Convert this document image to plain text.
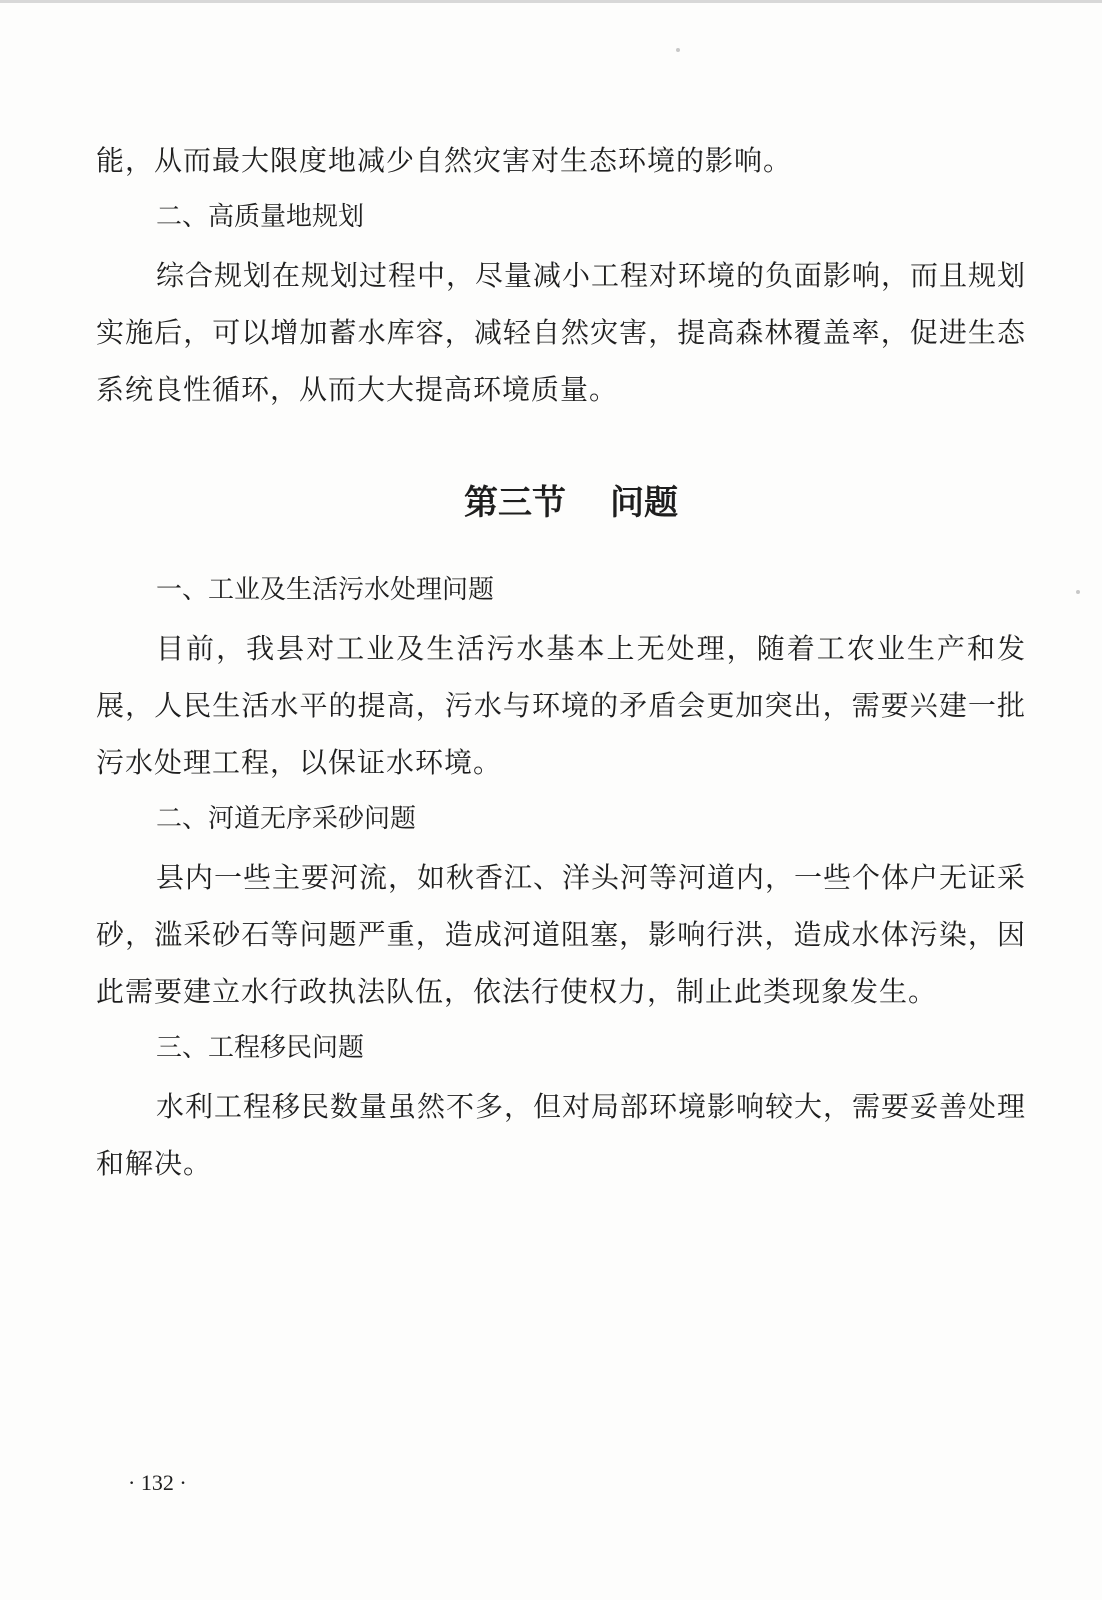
能，从而最大限度地减少自然灾害对生态环境的影响。

二、高质量地规划

综合规划在规划过程中，尽量减小工程对环境的负面影响，而且规划实施后，可以增加蓄水库容，减轻自然灾害，提高森林覆盖率，促进生态系统良性循环，从而大大提高环境质量。

第三节 问题

一、工业及生活污水处理问题

目前，我县对工业及生活污水基本上无处理，随着工农业生产和发展，人民生活水平的提高，污水与环境的矛盾会更加突出，需要兴建一批污水处理工程，以保证水环境。

二、河道无序采砂问题

县内一些主要河流，如秋香江、洋头河等河道内，一些个体户无证采砂，滥采砂石等问题严重，造成河道阻塞，影响行洪，造成水体污染，因此需要建立水行政执法队伍，依法行使权力，制止此类现象发生。

三、工程移民问题

水利工程移民数量虽然不多，但对局部环境影响较大，需要妥善处理和解决。

· 132 ·
